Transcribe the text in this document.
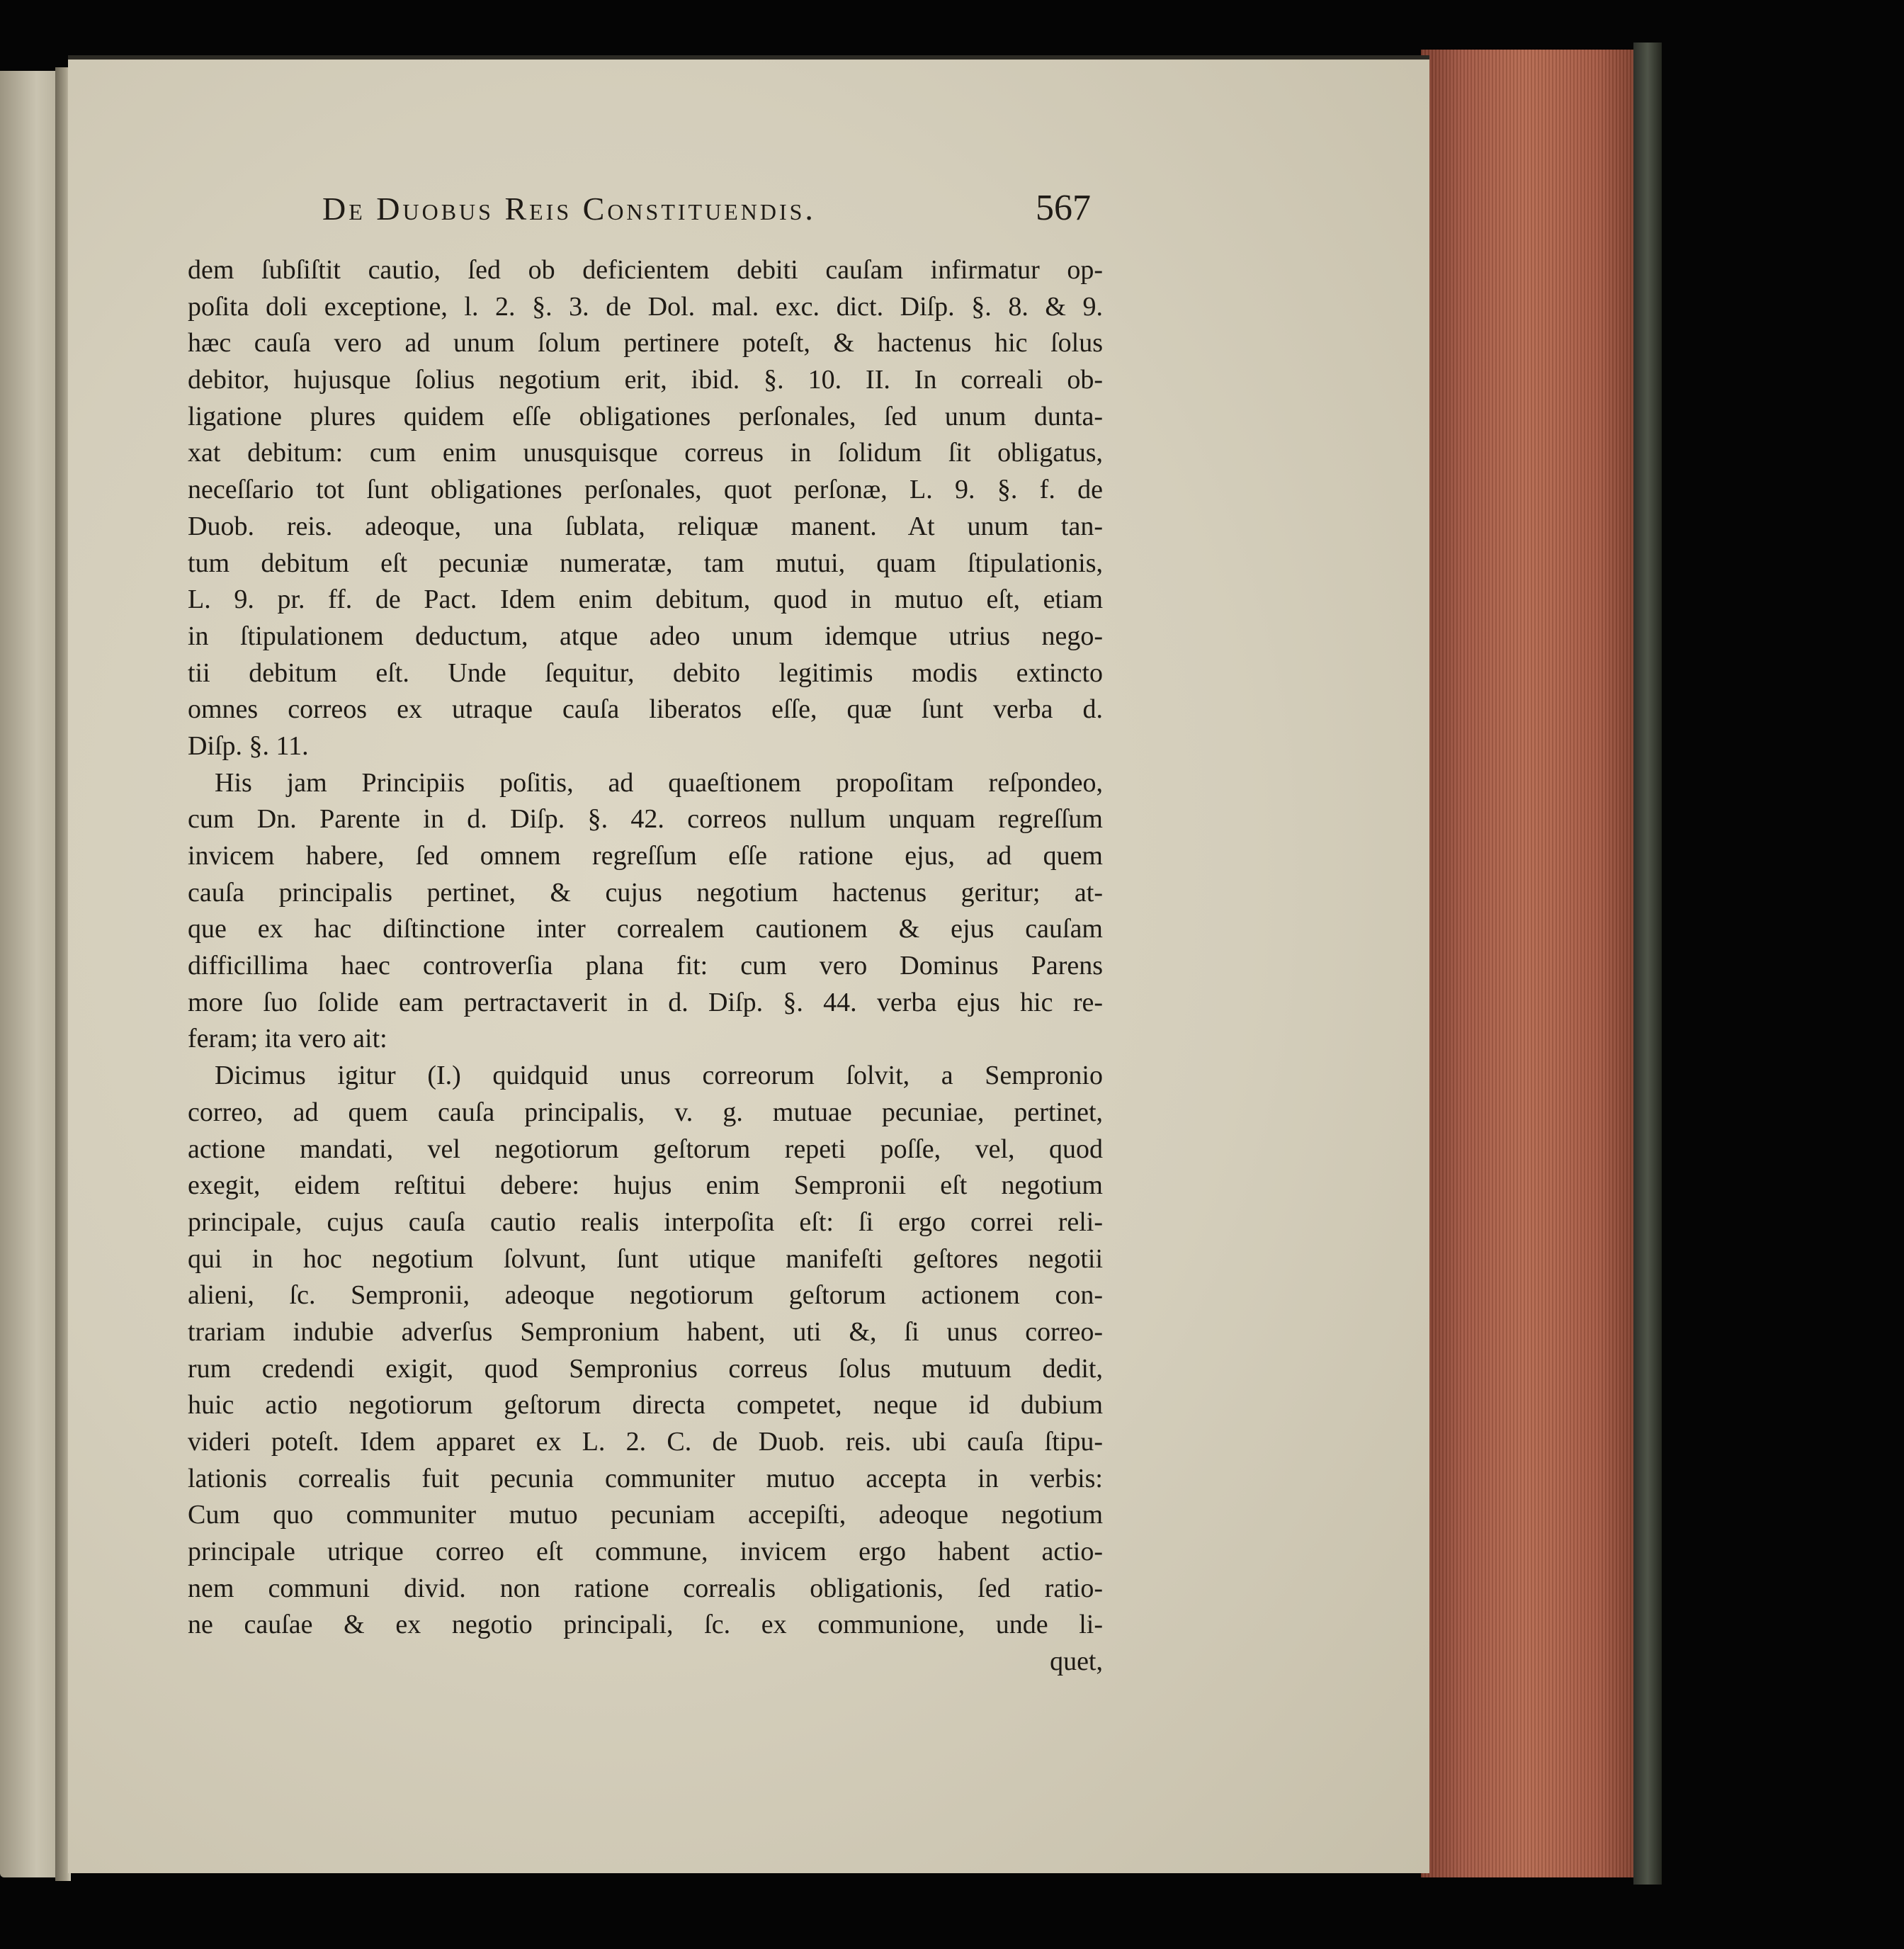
De Duobus Reis Constituendis.	567
dem ſubſiſtit cautio, ſed ob deficientem debiti cauſam infirmatur op-
poſita doli exceptione, l. 2. §. 3. de Dol. mal. exc. dict. Diſp. §. 8. & 9.
hæc cauſa vero ad unum ſolum pertinere poteſt, & hactenus hic ſolus
debitor, hujusque ſolius negotium erit, ibid. §. 10. II. In correali ob-
ligatione plures quidem eſſe obligationes perſonales, ſed unum dunta-
xat debitum: cum enim unusquisque correus in ſolidum ſit obligatus,
neceſſario tot ſunt obligationes perſonales, quot perſonæ, L. 9. §. f. de
Duob. reis. adeoque, una ſublata, reliquæ manent. At unum tan-
tum debitum eſt pecuniæ numeratæ, tam mutui, quam ſtipulationis,
L. 9. pr. ff. de Pact. Idem enim debitum, quod in mutuo eſt, etiam
in ſtipulationem deductum, atque adeo unum idemque utrius nego-
tii debitum eſt. Unde ſequitur, debito legitimis modis extincto
omnes correos ex utraque cauſa liberatos eſſe, quæ ſunt verba d.
Diſp. §. 11.
His jam Principiis poſitis, ad quaeſtionem propoſitam reſpondeo,
cum Dn. Parente in d. Diſp. §. 42. correos nullum unquam regreſſum
invicem habere, ſed omnem regreſſum eſſe ratione ejus, ad quem
cauſa principalis pertinet, & cujus negotium hactenus geritur; at-
que ex hac diſtinctione inter correalem cautionem & ejus cauſam
difficillima haec controverſia plana fit: cum vero Dominus Parens
more ſuo ſolide eam pertractaverit in d. Diſp. §. 44. verba ejus hic re-
feram; ita vero ait:
Dicimus igitur (I.) quidquid unus correorum ſolvit, a Sempronio
correo, ad quem cauſa principalis, v. g. mutuae pecuniae, pertinet,
actione mandati, vel negotiorum geſtorum repeti poſſe, vel, quod
exegit, eidem reſtitui debere: hujus enim Sempronii eſt negotium
principale, cujus cauſa cautio realis interpoſita eſt: ſi ergo correi reli-
qui in hoc negotium ſolvunt, ſunt utique manifeſti geſtores negotii
alieni, ſc. Sempronii, adeoque negotiorum geſtorum actionem con-
trariam indubie adverſus Sempronium habent, uti &, ſi unus correo-
rum credendi exigit, quod Sempronius correus ſolus mutuum dedit,
huic actio negotiorum geſtorum directa competet, neque id dubium
videri poteſt. Idem apparet ex L. 2. C. de Duob. reis. ubi cauſa ſtipu-
lationis correalis fuit pecunia communiter mutuo accepta in verbis:
Cum quo communiter mutuo pecuniam accepiſti, adeoque negotium
principale utrique correo eſt commune, invicem ergo habent actio-
nem communi divid. non ratione correalis obligationis, ſed ratio-
ne cauſae & ex negotio principali, ſc. ex communione, unde li-
quet,
